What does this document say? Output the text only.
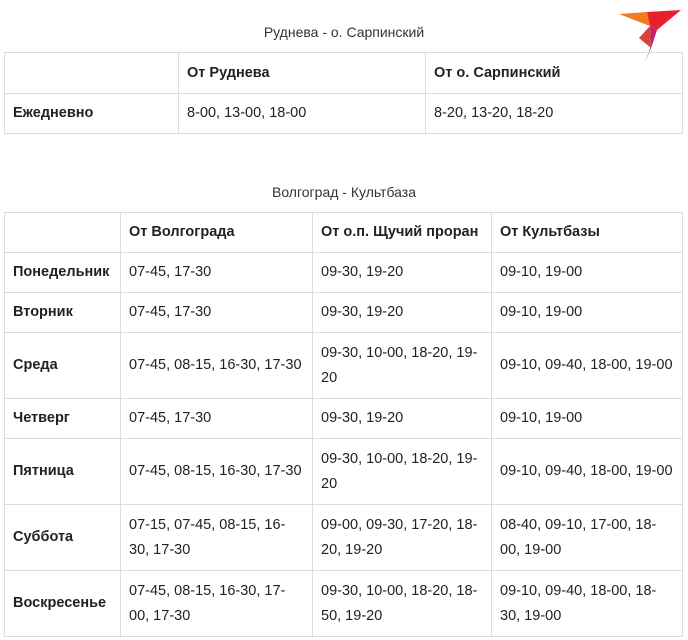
Руднева - о. Сарпинский
	От Руднева	От о. Сарпинский
Ежедневно	8-00, 13-00, 18-00	8-20, 13-20, 18-20
Волгоград - Культбаза
	От Волгограда	От о.п. Щучий проран	От Культбазы
Понедельник	07-45, 17-30	09-30, 19-20	09-10, 19-00
Вторник	07-45, 17-30	09-30, 19-20	09-10, 19-00
Среда	07-45, 08-15, 16-30, 17-30	09-30, 10-00, 18-20, 19-20	09-10, 09-40, 18-00, 19-00
Четверг	07-45, 17-30	09-30, 19-20	09-10, 19-00
Пятница	07-45, 08-15, 16-30, 17-30	09-30, 10-00, 18-20, 19-20	09-10, 09-40, 18-00, 19-00
Суббота	07-15, 07-45, 08-15, 16-30, 17-30	09-00, 09-30, 17-20, 18-20, 19-20	08-40, 09-10, 17-00, 18-00, 19-00
Воскресенье	07-45, 08-15, 16-30, 17-00, 17-30	09-30, 10-00, 18-20, 18-50, 19-20	09-10, 09-40, 18-00, 18-30, 19-00
